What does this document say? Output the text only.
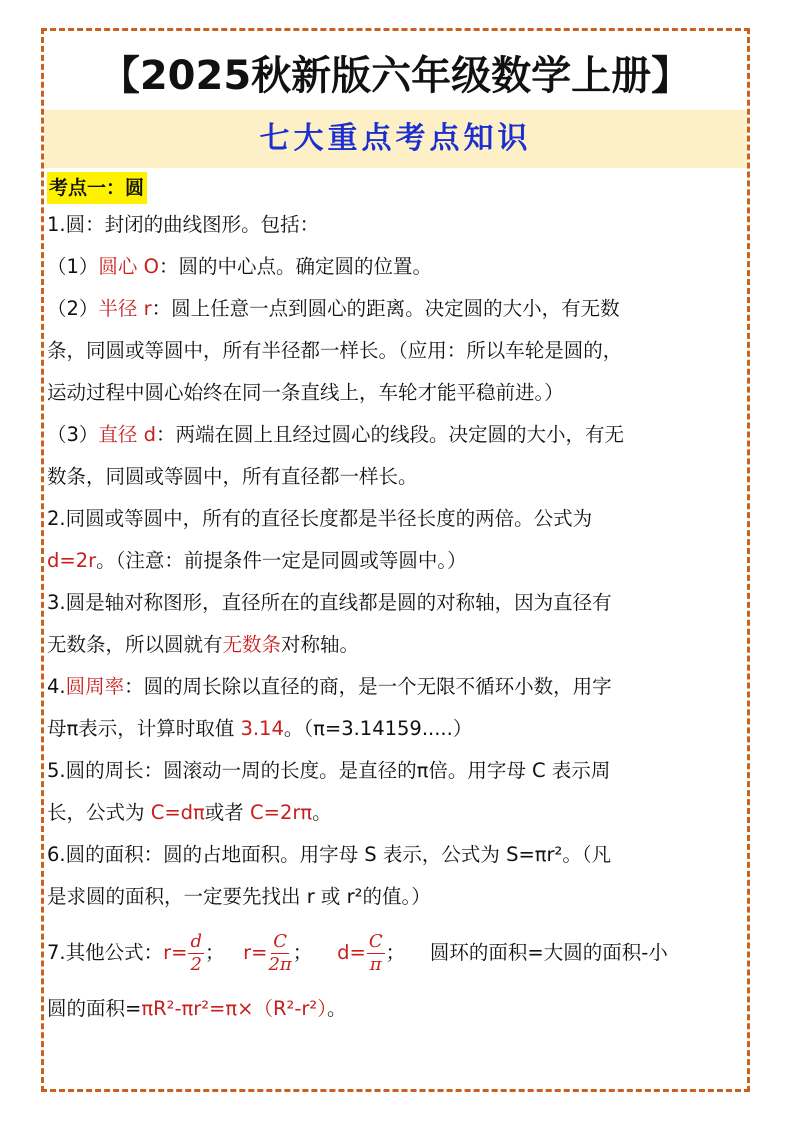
【2025秋新版六年级数学上册】
七大重点考点知识
考点一：圆
1.圆：封闭的曲线图形。包括：
（1）圆心 O：圆的中心点。确定圆的位置。
（2）半径 r：圆上任意一点到圆心的距离。决定圆的大小，有无数
条，同圆或等圆中，所有半径都一样长。（应用：所以车轮是圆的，
运动过程中圆心始终在同一条直线上，车轮才能平稳前进。）
（3）直径 d：两端在圆上且经过圆心的线段。决定圆的大小，有无
数条，同圆或等圆中，所有直径都一样长。
2.同圆或等圆中，所有的直径长度都是半径长度的两倍。公式为
d=2r。（注意：前提条件一定是同圆或等圆中。）
3.圆是轴对称图形，直径所在的直线都是圆的对称轴，因为直径有
无数条，所以圆就有无数条对称轴。
4.圆周率：圆的周长除以直径的商，是一个无限不循环小数，用字
母π表示，计算时取值 3.14。（π=3.14159.....）
5.圆的周长：圆滚动一周的长度。是直径的π倍。用字母 C 表示周
长，公式为 C=dπ或者 C=2rπ。
6.圆的面积：圆的占地面积。用字母 S 表示，公式为 S=πr²。（凡
是求圆的面积，一定要先找出 r 或 r²的值。）
7.其他公式：$r= \frac{d}{2}$ ； $r= \frac{C}{2\pi}$ ； $d= \frac{C}{\pi}$ ； 圆环的面积=大圆的面积-小
圆的面积=πR²-πr²=π×（R²-r²）。
